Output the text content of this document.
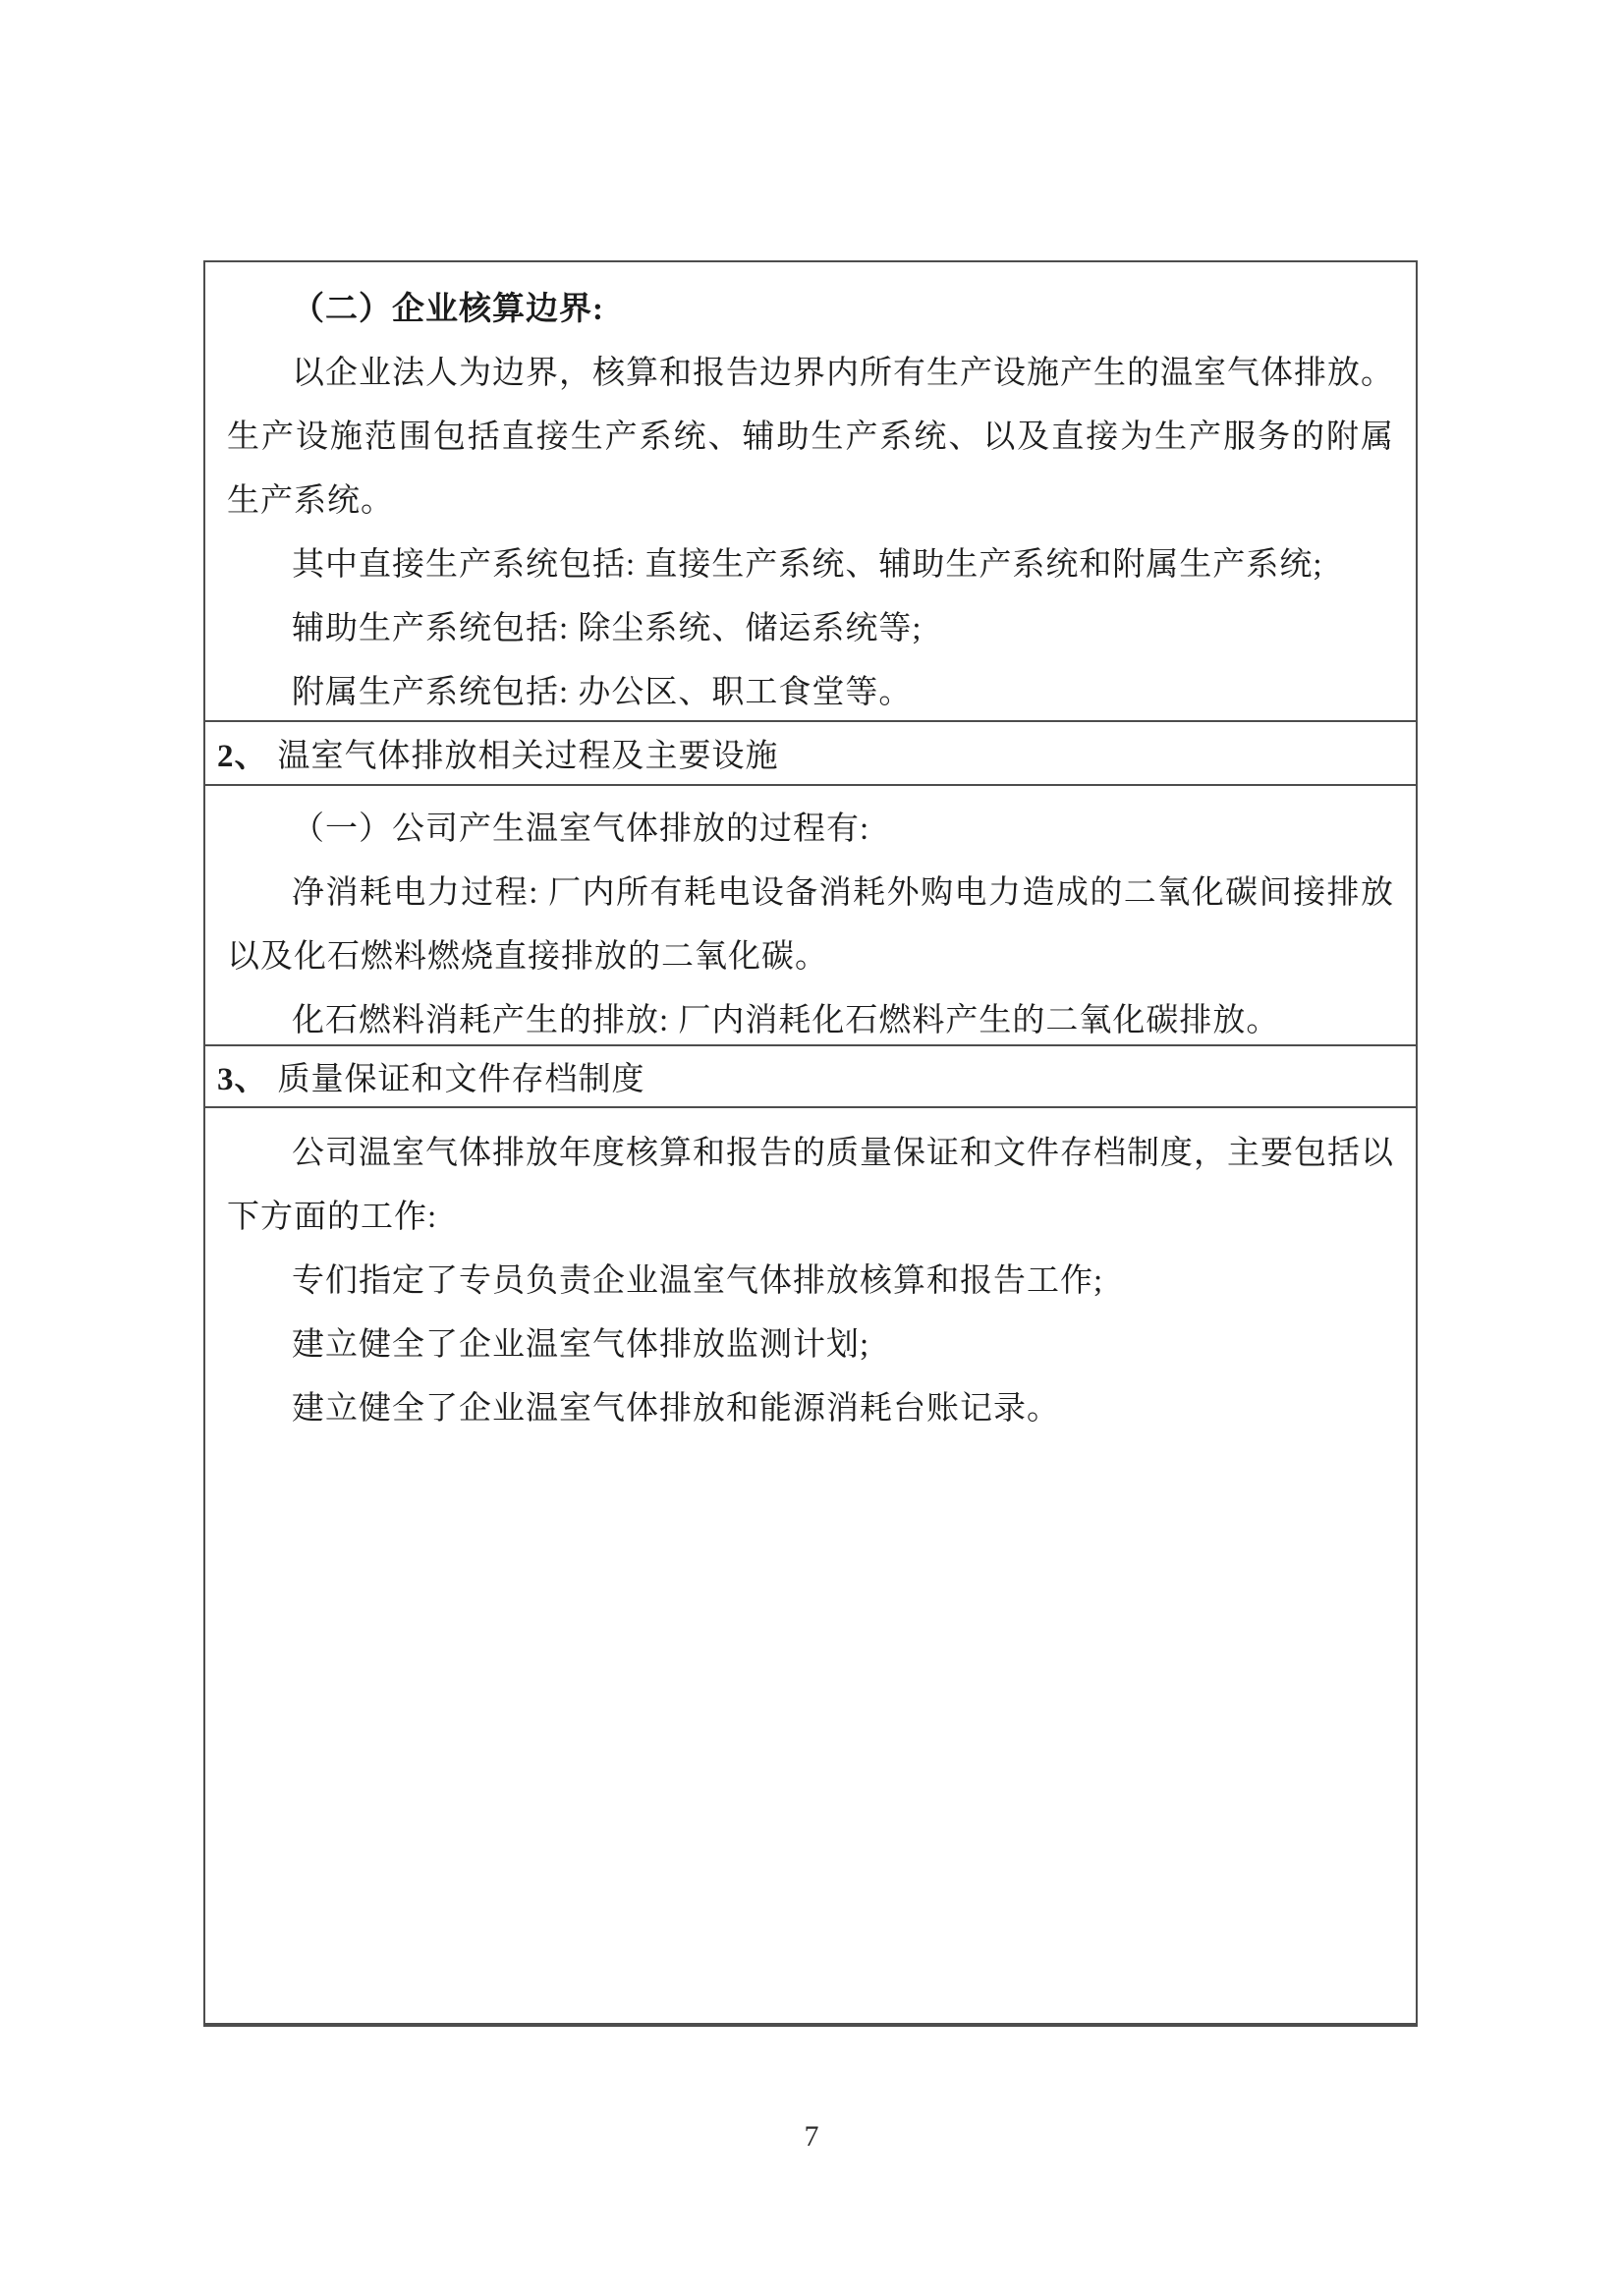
（二）企业核算边界:

以企业法人为边界，核算和报告边界内所有生产设施产生的温室气体排放。生产设施范围包括直接生产系统、辅助生产系统、以及直接为生产服务的附属生产系统。

其中直接生产系统包括: 直接生产系统、辅助生产系统和附属生产系统;

辅助生产系统包括: 除尘系统、储运系统等;

附属生产系统包括: 办公区、职工食堂等。

2、 温室气体排放相关过程及主要设施

（一）公司产生温室气体排放的过程有:

净消耗电力过程: 厂内所有耗电设备消耗外购电力造成的二氧化碳间接排放以及化石燃料燃烧直接排放的二氧化碳。

化石燃料消耗产生的排放: 厂内消耗化石燃料产生的二氧化碳排放。

3、 质量保证和文件存档制度

公司温室气体排放年度核算和报告的质量保证和文件存档制度，主要包括以下方面的工作:

专们指定了专员负责企业温室气体排放核算和报告工作;

建立健全了企业温室气体排放监测计划;

建立健全了企业温室气体排放和能源消耗台账记录。

7
